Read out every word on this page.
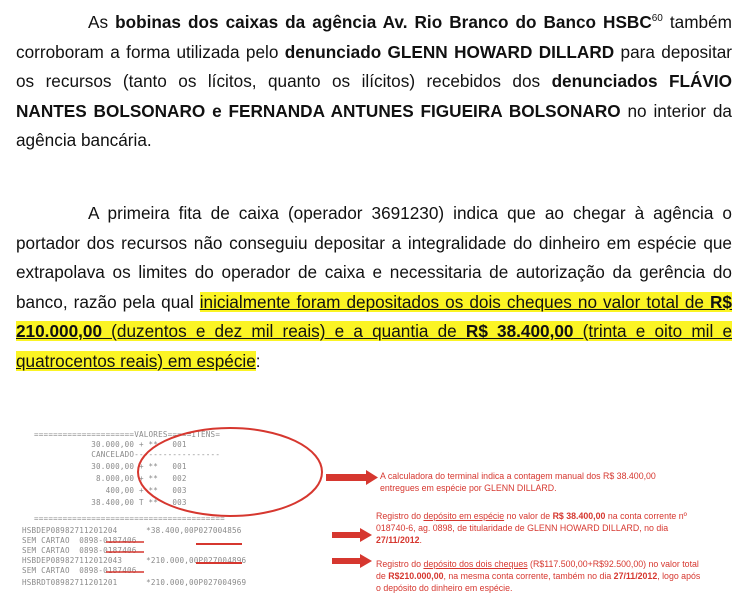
As bobinas dos caixas da agência Av. Rio Branco do Banco HSBC$^{60}$ também corroboram a forma utilizada pelo denunciado GLENN HOWARD DILLARD para depositar os recursos (tanto os lícitos, quanto os ilícitos) recebidos dos denunciados FLÁVIO NANTES BOLSONARO e FERNANDA ANTUNES FIGUEIRA BOLSONARO no interior da agência bancária.

A primeira fita de caixa (operador 3691230) indica que ao chegar à agência o portador dos recursos não conseguiu depositar a integralidade do dinheiro em espécie que extrapolava os limites do operador de caixa e necessitaria de autorização da gerência do banco, razão pela qual inicialmente foram depositados os dois cheques no valor total de R$ 210.000,00 (duzentos e dez mil reais) e a quantia de R$ 38.400,00 (trinta e oito mil e quatrocentos reais) em espécie:

=====================VALORES=====ITENS=
30.000,00 + **   001
CANCELADO------------------
30.000,00 + **   001
8.000,00 + **   002
400,00 + **   003
38.400,00 T **   003
========================================
HSBDEP08982711201204      *38.400,00P027004856
SEM CARTAO  0898-0187406
SEM CARTAO  0898-0187406
HSBDEP089827112012043     *210.000,00P027004896
SEM CARTAO  0898-0187406
HSBRDT08982711201201      *210.000,00P027004969

A calculadora do terminal indica a contagem manual dos R$ 38.400,00 entregues em espécie por GLENN DILLARD.

Registro do depósito em espécie no valor de R$ 38.400,00 na conta corrente nº 018740-6, ag. 0898, de titularidade de GLENN HOWARD DILLARD, no dia 27/11/2012.

Registro do depósito dos dois cheques (R$117.500,00+R$92.500,00) no valor total de R$210.000,00, na mesma conta corrente, também no dia 27/11/2012, logo após o depósito do dinheiro em espécie.
